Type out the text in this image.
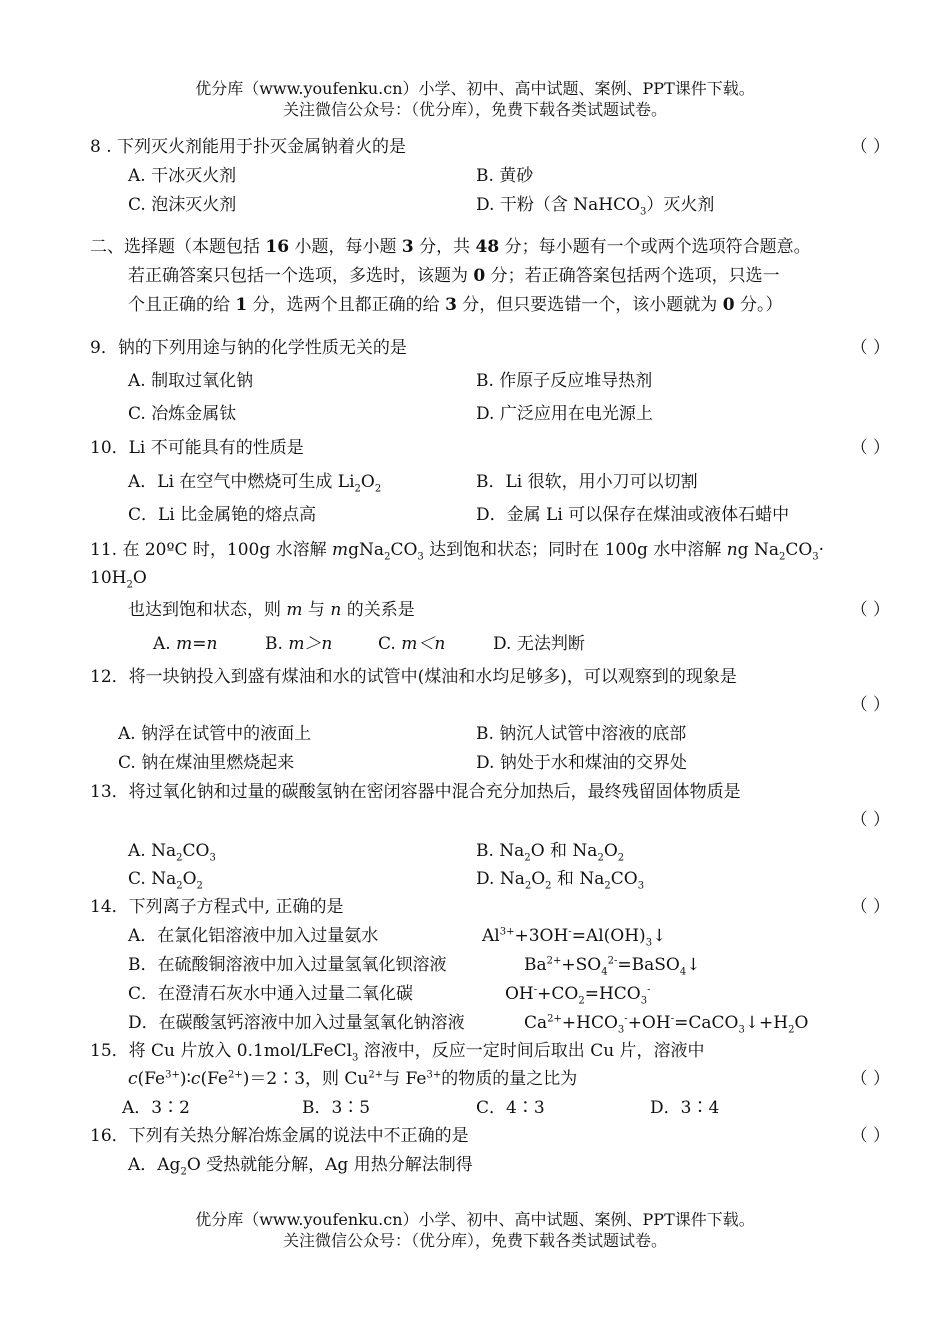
优分库（www.youfenku.cn）小学、初中、高中试题、案例、PPT课件下载。
关注微信公众号：（优分库），免费下载各类试题试卷。
8 . 下列灭火剂能用于扑灭金属钠着火的是	（ ）
A. 干冰灭火剂	B. 黄砂
C. 泡沫灭火剂	D. 干粉（含 NaHCO$_3$）灭火剂
二、选择题（本题包括 16 小题，每小题 3 分，共 48 分；每小题有一个或两个选项符合题意。
若正确答案只包括一个选项，多选时，该题为 0 分；若正确答案包括两个选项，只选一
个且正确的给 1 分，选两个且都正确的给 3 分，但只要选错一个，该小题就为 0 分。）
9．钠的下列用途与钠的化学性质无关的是	（ ）
A. 制取过氧化钠	B. 作原子反应堆导热剂
C. 冶炼金属钛	D. 广泛应用在电光源上
10．Li 不可能具有的性质是	（ ）
A．Li 在空气中燃烧可生成 $Li_2O_2$	B．Li 很软，用小刀可以切割
C．Li 比金属铯的熔点高	D．金属 Li 可以保存在煤油或液体石蜡中
11. 在 20ºC 时，100g 水溶解 $mgNa_2CO_3$ 达到饱和状态；同时在 100g 水中溶解 ng $Na_2CO_3\cdot$
$10H_2O$
也达到饱和状态，则 m 与 n 的关系是	（ ）
A. m=n	B. m＞n	C. m＜n	D. 无法判断
12．将一块钠投入到盛有煤油和水的试管中(煤油和水均足够多)，可以观察到的现象是
（ ）
A. 钠浮在试管中的液面上	B. 钠沉人试管中溶液的底部
C. 钠在煤油里燃烧起来	D. 钠处于水和煤油的交界处
13．将过氧化钠和过量的碳酸氢钠在密闭容器中混合充分加热后，最终残留固体物质是
（ ）
A. $Na_2CO_3$	B. $Na_2O$ 和 $Na_2O_2$
C. $Na_2O_2$	D. $Na_2O_2$ 和 $Na_2CO_3$
14．下列离子方程式中, 正确的是	（ ）
A．在氯化铝溶液中加入过量氨水	$Al^{3+}+3OH^-=Al(OH)_3↓$
B．在硫酸铜溶液中加入过量氢氧化钡溶液	$Ba^{2+}+SO_4^{2-}=BaSO_4↓$
C．在澄清石灰水中通入过量二氧化碳	$OH^-+CO_2=HCO_3^-$
D．在碳酸氢钙溶液中加入过量氢氧化钠溶液	$Ca^{2+}+HCO_3^-+OH^-=CaCO_3↓+H_2O$
15．将 Cu 片放入 0.1mol/LFeCl$_3$ 溶液中，反应一定时间后取出 Cu 片，溶液中
$c(Fe^{3+})∶c(Fe^{2+})=2∶3$，则 $Cu^{2+}$与 $Fe^{3+}$的物质的量之比为	（ ）
A．3∶2	B．3∶5	C．4∶3	D．3∶4
16．下列有关热分解冶炼金属的说法中不正确的是	（ ）
A．$Ag_2O$ 受热就能分解，Ag 用热分解法制得
优分库（www.youfenku.cn）小学、初中、高中试题、案例、PPT课件下载。
关注微信公众号：（优分库），免费下载各类试题试卷。
